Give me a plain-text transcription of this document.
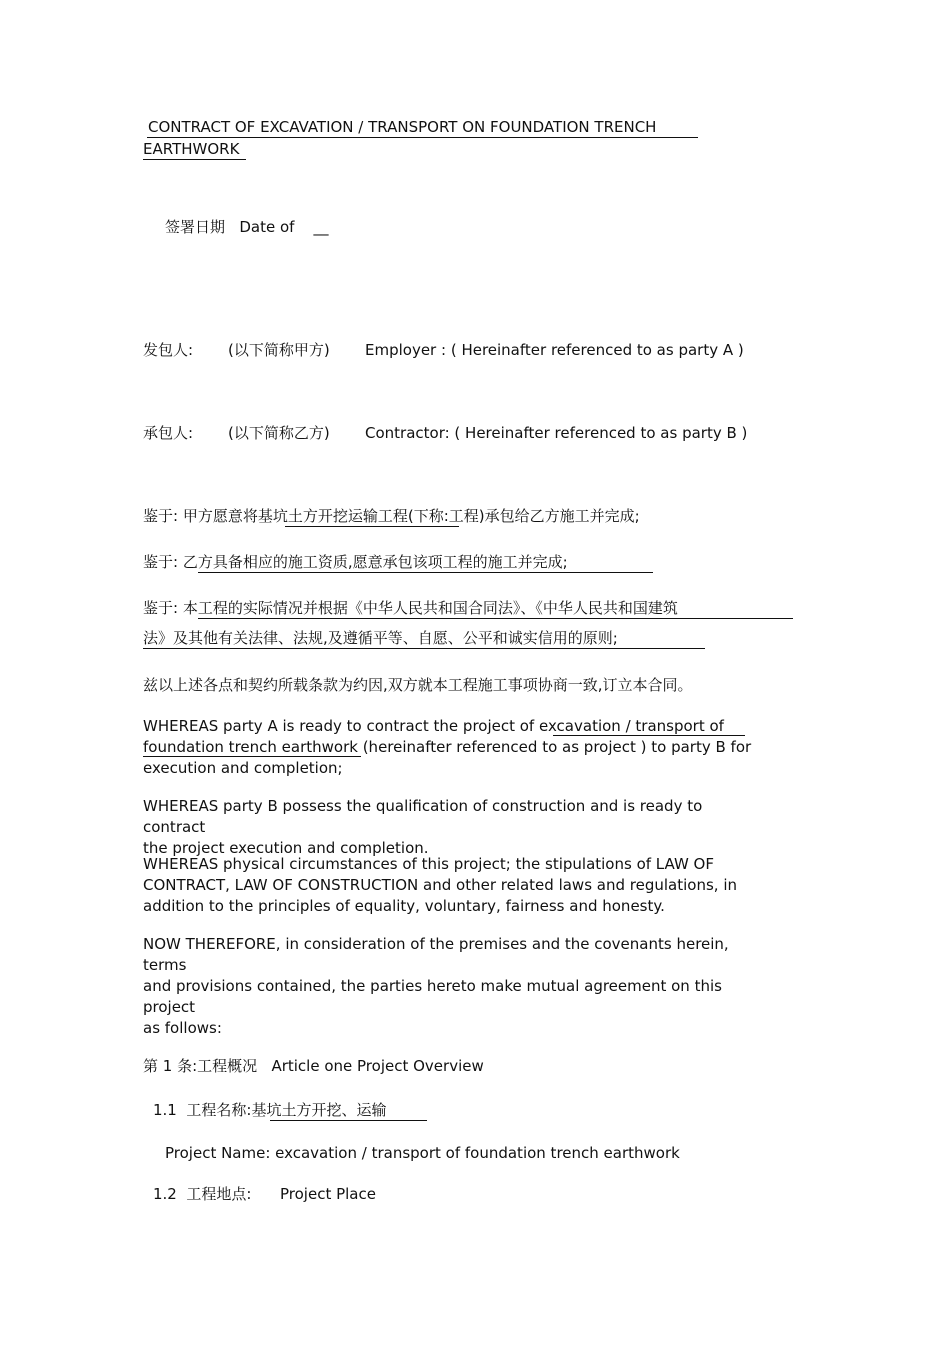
CONTRACT OF EXCAVATION / TRANSPORT ON FOUNDATION TRENCH
EARTHWORK
签署日期 Date of __
发包人: (以下简称甲方) Employer : ( Hereinafter referenced to as party A )
承包人: (以下简称乙方) Contractor: ( Hereinafter referenced to as party B )
鉴于: 甲方愿意将基坑土方开挖运输工程(下称:工程)承包给乙方施工并完成;
鉴于: 乙方具备相应的施工资质,愿意承包该项工程的施工并完成;
鉴于: 本工程的实际情况并根据《中华人民共和国合同法》、《中华人民共和国建筑
法》及其他有关法律、法规,及遵循平等、自愿、公平和诚实信用的原则;
兹以上述各点和契约所载条款为约因,双方就本工程施工事项协商一致,订立本合同。
WHEREAS party A is ready to contract the project of excavation / transport of
foundation trench earthwork (hereinafter referenced to as project ) to party B for
execution and completion;
WHEREAS party B possess the qualification of construction and is ready to contract
the project execution and completion.
WHEREAS physical circumstances of this project; the stipulations of LAW OF
CONTRACT, LAW OF CONSTRUCTION and other related laws and regulations, in
addition to the principles of equality, voluntary, fairness and honesty.
NOW THEREFORE, in consideration of the premises and the covenants herein, terms
and provisions contained, the parties hereto make mutual agreement on this project
as follows:
第 1 条:工程概况 Article one Project Overview
1.1 工程名称:基坑土方开挖、运输
Project Name: excavation / transport of foundation trench earthwork
1.2 工程地点: Project Place
